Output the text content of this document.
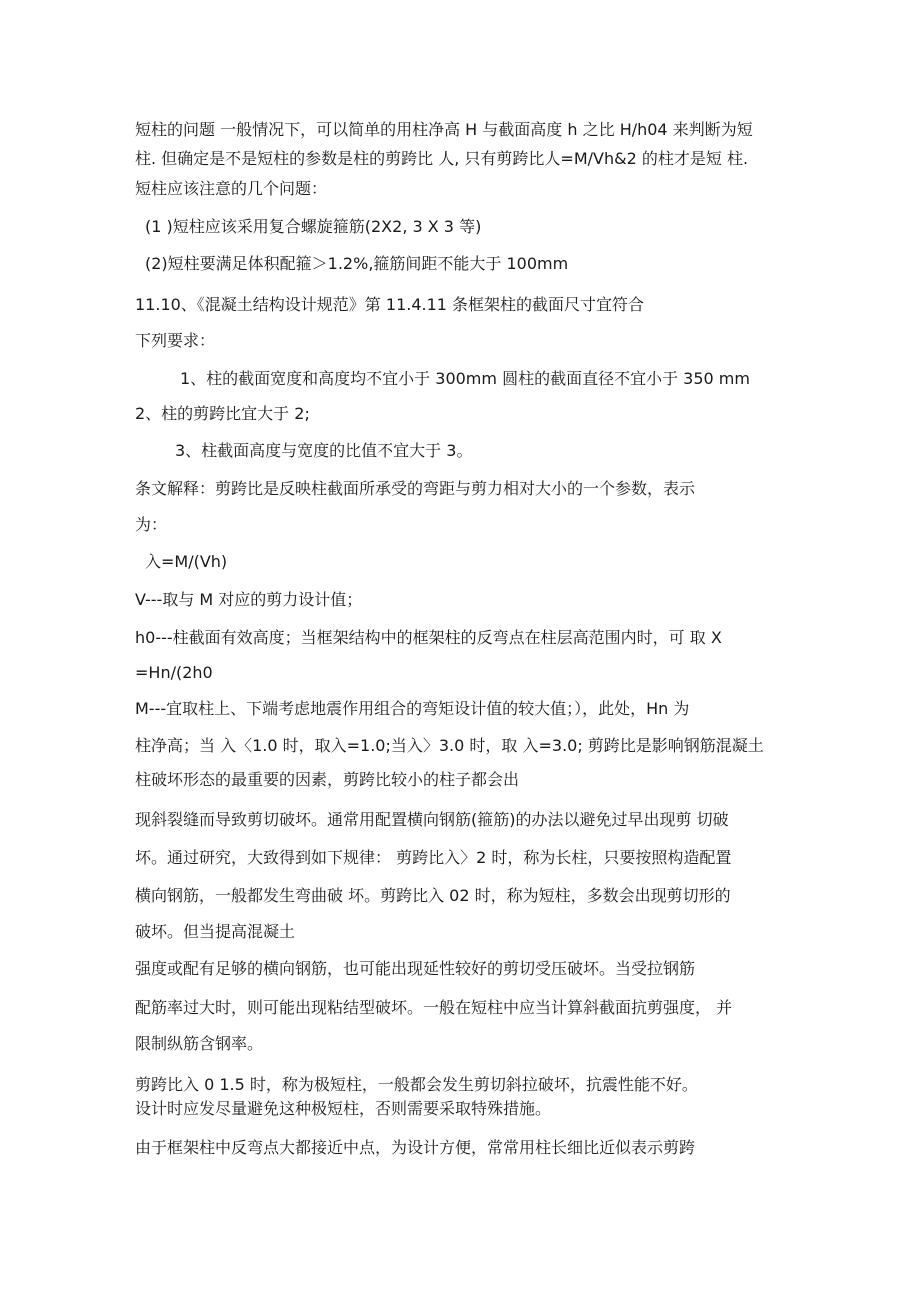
短柱的问题 一般情况下，可以简单的用柱净高 H 与截面高度 h 之比 H/h04 来判断为短
柱. 但确定是不是短柱的参数是柱的剪跨比 人, 只有剪跨比人=M/Vh&2 的柱才是短 柱.
短柱应该注意的几个问题：
(1 )短柱应该采用复合螺旋箍筋(2X2, 3 X 3 等)
(2)短柱要满足体积配箍＞1.2%,箍筋间距不能大于 100mm
11.10、《混凝土结构设计规范》第 11.4.11 条框架柱的截面尺寸宜符合
下列要求：
1、柱的截面宽度和高度均不宜小于 300mm 圆柱的截面直径不宜小于 350 mm
2、柱的剪跨比宜大于 2;
3、柱截面高度与宽度的比值不宜大于 3。
条文解释：剪跨比是反映柱截面所承受的弯距与剪力相对大小的一个参数，表示
为：
入=M/(Vh)
V---取与 M 对应的剪力设计值；
h0---柱截面有效高度；当框架结构中的框架柱的反弯点在柱层高范围内时，可 取 X
=Hn/(2h0
M---宜取柱上、下端考虑地震作用组合的弯矩设计值的较大值；），此处，Hn 为
柱净高；当 入〈1.0 时，取入=1.0;当入〉3.0 时，取 入=3.0; 剪跨比是影响钢筋混凝土
柱破坏形态的最重要的因素，剪跨比较小的柱子都会出
现斜裂缝而导致剪切破坏。通常用配置横向钢筋(箍筋)的办法以避免过早出现剪 切破
坏。通过研究，大致得到如下规律： 剪跨比入〉2 时，称为长柱，只要按照构造配置
横向钢筋，一般都发生弯曲破 坏。剪跨比入 02 时，称为短柱，多数会出现剪切形的
破坏。但当提高混凝土
强度或配有足够的横向钢筋，也可能出现延性较好的剪切受压破坏。当受拉钢筋
配筋率过大时，则可能出现粘结型破坏。一般在短柱中应当计算斜截面抗剪强度， 并
限制纵筋含钢率。
剪跨比入 0 1.5 时，称为极短柱，一般都会发生剪切斜拉破坏，抗震性能不好。
设计时应发尽量避免这种极短柱，否则需要采取特殊措施。
由于框架柱中反弯点大都接近中点，为设计方便，常常用柱长细比近似表示剪跨
